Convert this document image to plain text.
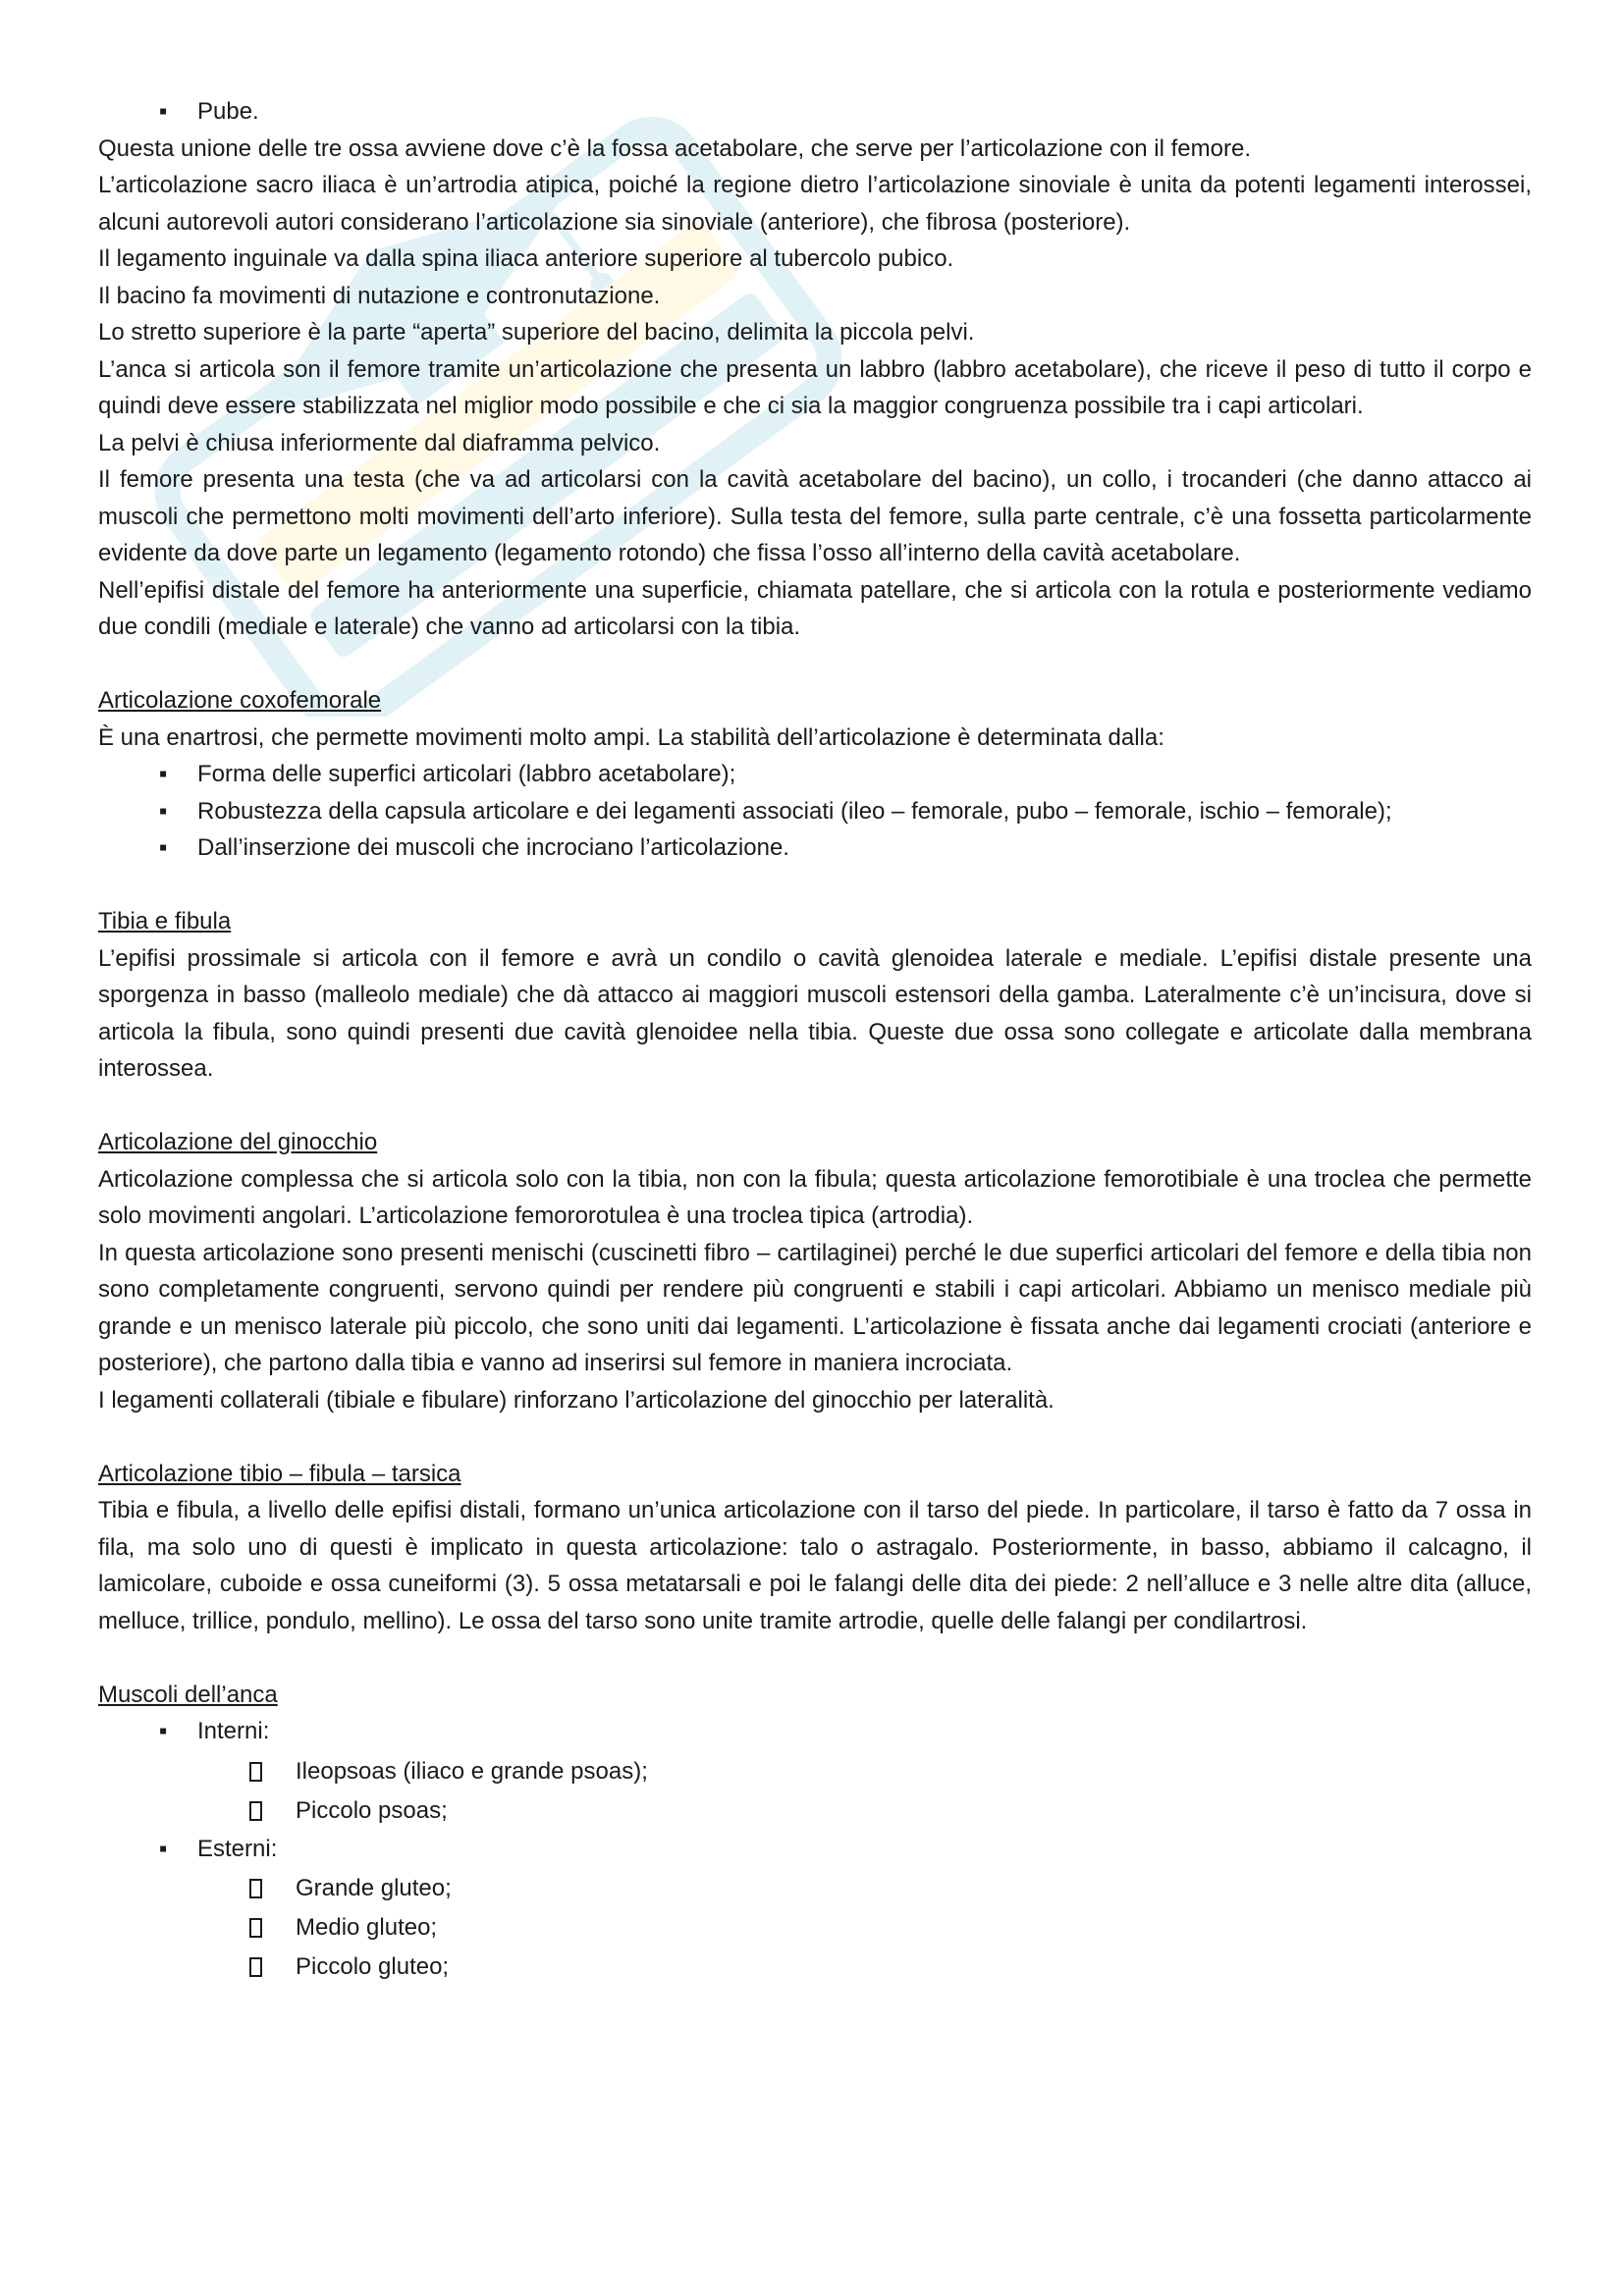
▪ Pube.

Questa unione delle tre ossa avviene dove c’è la fossa acetabolare, che serve per l’articolazione con il femore.

L’articolazione sacro iliaca è un’artrodia atipica, poiché la regione dietro l’articolazione sinoviale è unita da potenti legamenti interossei, alcuni autorevoli autori considerano l’articolazione sia sinoviale (anteriore), che fibrosa (posteriore).

Il legamento inguinale va dalla spina iliaca anteriore superiore al tubercolo pubico.

Il bacino fa movimenti di nutazione e contronutazione.

Lo stretto superiore è la parte “aperta” superiore del bacino, delimita la piccola pelvi.

L’anca si articola son il femore tramite un’articolazione che presenta un labbro (labbro acetabolare), che riceve il peso di tutto il corpo e quindi deve essere stabilizzata nel miglior modo possibile e che ci sia la maggior congruenza possibile tra i capi articolari.

La pelvi è chiusa inferiormente dal diaframma pelvico.

Il femore presenta una testa (che va ad articolarsi con la cavità acetabolare del bacino), un collo, i trocanderi (che danno attacco ai muscoli che permettono molti movimenti dell’arto inferiore). Sulla testa del femore, sulla parte centrale, c’è una fossetta particolarmente evidente da dove parte un legamento (legamento rotondo) che fissa l’osso all’interno della cavità acetabolare.

Nell’epifisi distale del femore ha anteriormente una superficie, chiamata patellare, che si articola con la rotula e posteriormente vediamo due condili (mediale e laterale) che vanno ad articolarsi con la tibia.

Articolazione coxofemorale

È una enartrosi, che permette movimenti molto ampi. La stabilità dell’articolazione è determinata dalla:

▪ Forma delle superfici articolari (labbro acetabolare);
▪ Robustezza della capsula articolare e dei legamenti associati (ileo – femorale, pubo – femorale, ischio – femorale);
▪ Dall’inserzione dei muscoli che incrociano l’articolazione.
Tibia e fibula

L’epifisi prossimale si articola con il femore e avrà un condilo o cavità glenoidea laterale e mediale. L’epifisi distale presente una sporgenza in basso (malleolo mediale) che dà attacco ai maggiori muscoli estensori della gamba. Lateralmente c’è un’incisura, dove si articola la fibula, sono quindi presenti due cavità glenoidee nella tibia. Queste due ossa sono collegate e articolate dalla membrana interossea.

Articolazione del ginocchio

Articolazione complessa che si articola solo con la tibia, non con la fibula; questa articolazione femorotibiale è una troclea che permette solo movimenti angolari. L’articolazione femororotulea è una troclea tipica (artrodia).

In questa articolazione sono presenti menischi (cuscinetti fibro – cartilaginei) perché le due superfici articolari del femore e della tibia non sono completamente congruenti, servono quindi per rendere più congruenti e stabili i capi articolari. Abbiamo un menisco mediale più grande e un menisco laterale più piccolo, che sono uniti dai legamenti. L’articolazione è fissata anche dai legamenti crociati (anteriore e posteriore), che partono dalla tibia e vanno ad inserirsi sul femore in maniera incrociata.

I legamenti collaterali (tibiale e fibulare) rinforzano l’articolazione del ginocchio per lateralità.

Articolazione tibio – fibula – tarsica

Tibia e fibula, a livello delle epifisi distali, formano un’unica articolazione con il tarso del piede. In particolare, il tarso è fatto da 7 ossa in fila, ma solo uno di questi è implicato in questa articolazione: talo o astragalo. Posteriormente, in basso, abbiamo il calcagno, il lamicolare, cuboide e ossa cuneiformi (3). 5 ossa metatarsali e poi le falangi delle dita dei piede: 2 nell’alluce e 3 nelle altre dita (alluce, melluce, trillice, pondulo, mellino). Le ossa del tarso sono unite tramite artrodie, quelle delle falangi per condilartrosi.

Muscoli dell’anca
▪ Interni:
Ileopsoas (iliaco e grande psoas);
Piccolo psoas;
▪ Esterni:
Grande gluteo;
Medio gluteo;
Piccolo gluteo;
